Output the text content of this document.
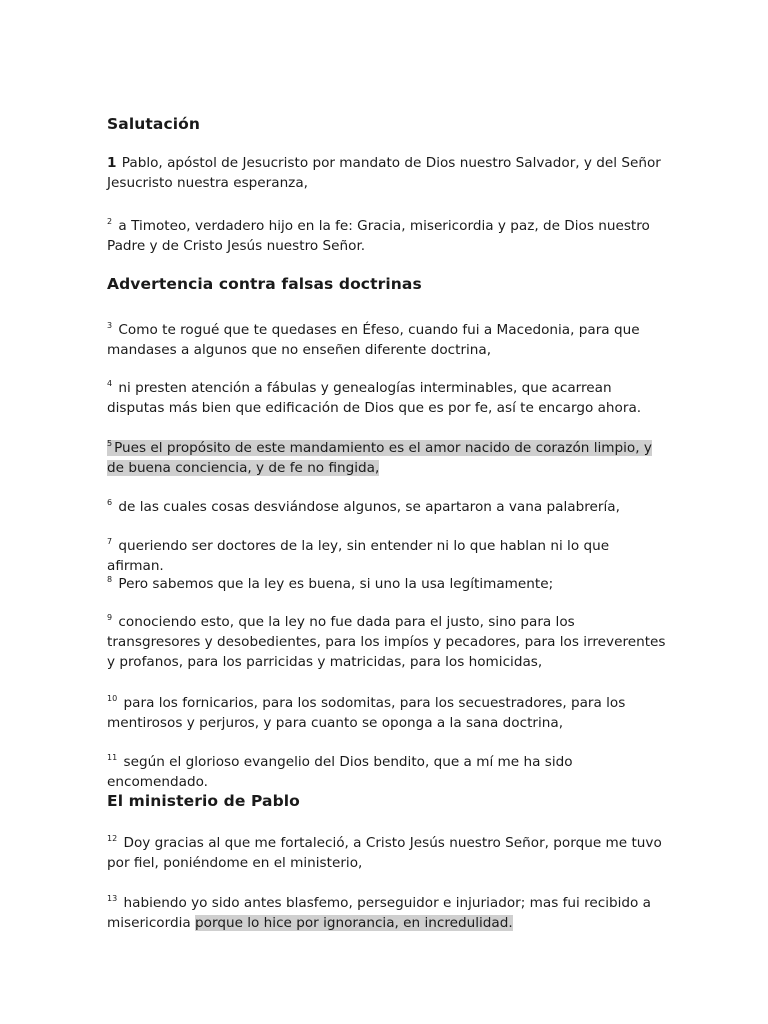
Salutación
1 Pablo, apóstol de Jesucristo por mandato de Dios nuestro Salvador, y del Señor Jesucristo nuestra esperanza,
$^2$ a Timoteo, verdadero hijo en la fe: Gracia, misericordia y paz, de Dios nuestro Padre y de Cristo Jesús nuestro Señor.
Advertencia contra falsas doctrinas
$^3$ Como te rogué que te quedases en Éfeso, cuando fui a Macedonia, para que mandases a algunos que no enseñen diferente doctrina,
$^4$ ni presten atención a fábulas y genealogías interminables, que acarrean disputas más bien que edificación de Dios que es por fe, así te encargo ahora.
$^5$ Pues el propósito de este mandamiento es el amor nacido de corazón limpio, y de buena conciencia, y de fe no fingida,
$^6$ de las cuales cosas desviándose algunos, se apartaron a vana palabrería,
$^7$ queriendo ser doctores de la ley, sin entender ni lo que hablan ni lo que afirman.
$^8$ Pero sabemos que la ley es buena, si uno la usa legítimamente;
$^9$ conociendo esto, que la ley no fue dada para el justo, sino para los transgresores y desobedientes, para los impíos y pecadores, para los irreverentes y profanos, para los parricidas y matricidas, para los homicidas,
$^{10}$ para los fornicarios, para los sodomitas, para los secuestradores, para los mentirosos y perjuros, y para cuanto se oponga a la sana doctrina,
$^{11}$ según el glorioso evangelio del Dios bendito, que a mí me ha sido encomendado.
El ministerio de Pablo
$^{12}$ Doy gracias al que me fortaleció, a Cristo Jesús nuestro Señor, porque me tuvo por fiel, poniéndome en el ministerio,
$^{13}$ habiendo yo sido antes blasfemo, perseguidor e injuriador; mas fui recibido a misericordia porque lo hice por ignorancia, en incredulidad.
